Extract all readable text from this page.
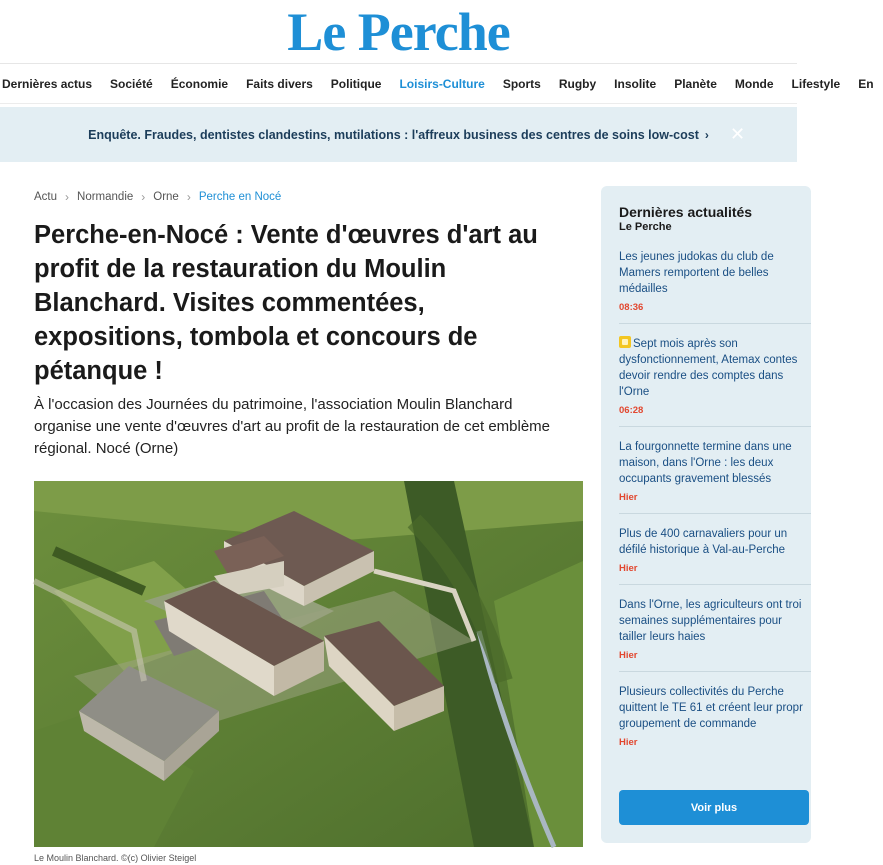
Le Perche
Dernières actus	Société	Économie	Faits divers	Politique	Loisirs-Culture	Sports	Rugby	Insolite	Planète	Monde	Lifestyle	En
Enquête. Fraudes, dentistes clandestins, mutilations : l'affreux business des centres de soins low-cost › ✕
Actu › Normandie › Orne › Perche en Nocé
Perche-en-Nocé : Vente d'œuvres d'art au profit de la restauration du Moulin Blanchard. Visites commentées, expositions, tombola et concours de pétanque !

À l'occasion des Journées du patrimoine, l'association Moulin Blanchard organise une vente d'œuvres d'art au profit de la restauration de cet emblème régional. Nocé (Orne)

Le Moulin Blanchard. ©(c) Olivier Steigel
Dernières actualités
Le Perche
Les jeunes judokas du club de
Mamers remportent de belles
médailles
08:36
Sept mois après son
dysfonctionnement, Atemax contes
devoir rendre des comptes dans
l'Orne
06:28
La fourgonnette termine dans une
maison, dans l'Orne : les deux
occupants gravement blessés
Hier
Plus de 400 carnavaliers pour un
défilé historique à Val-au-Perche
Hier
Dans l'Orne, les agriculteurs ont troi
semaines supplémentaires pour
tailler leurs haies
Hier
Plusieurs collectivités du Perche
quittent le TE 61 et créent leur propr
groupement de commande
Hier
Voir plus
